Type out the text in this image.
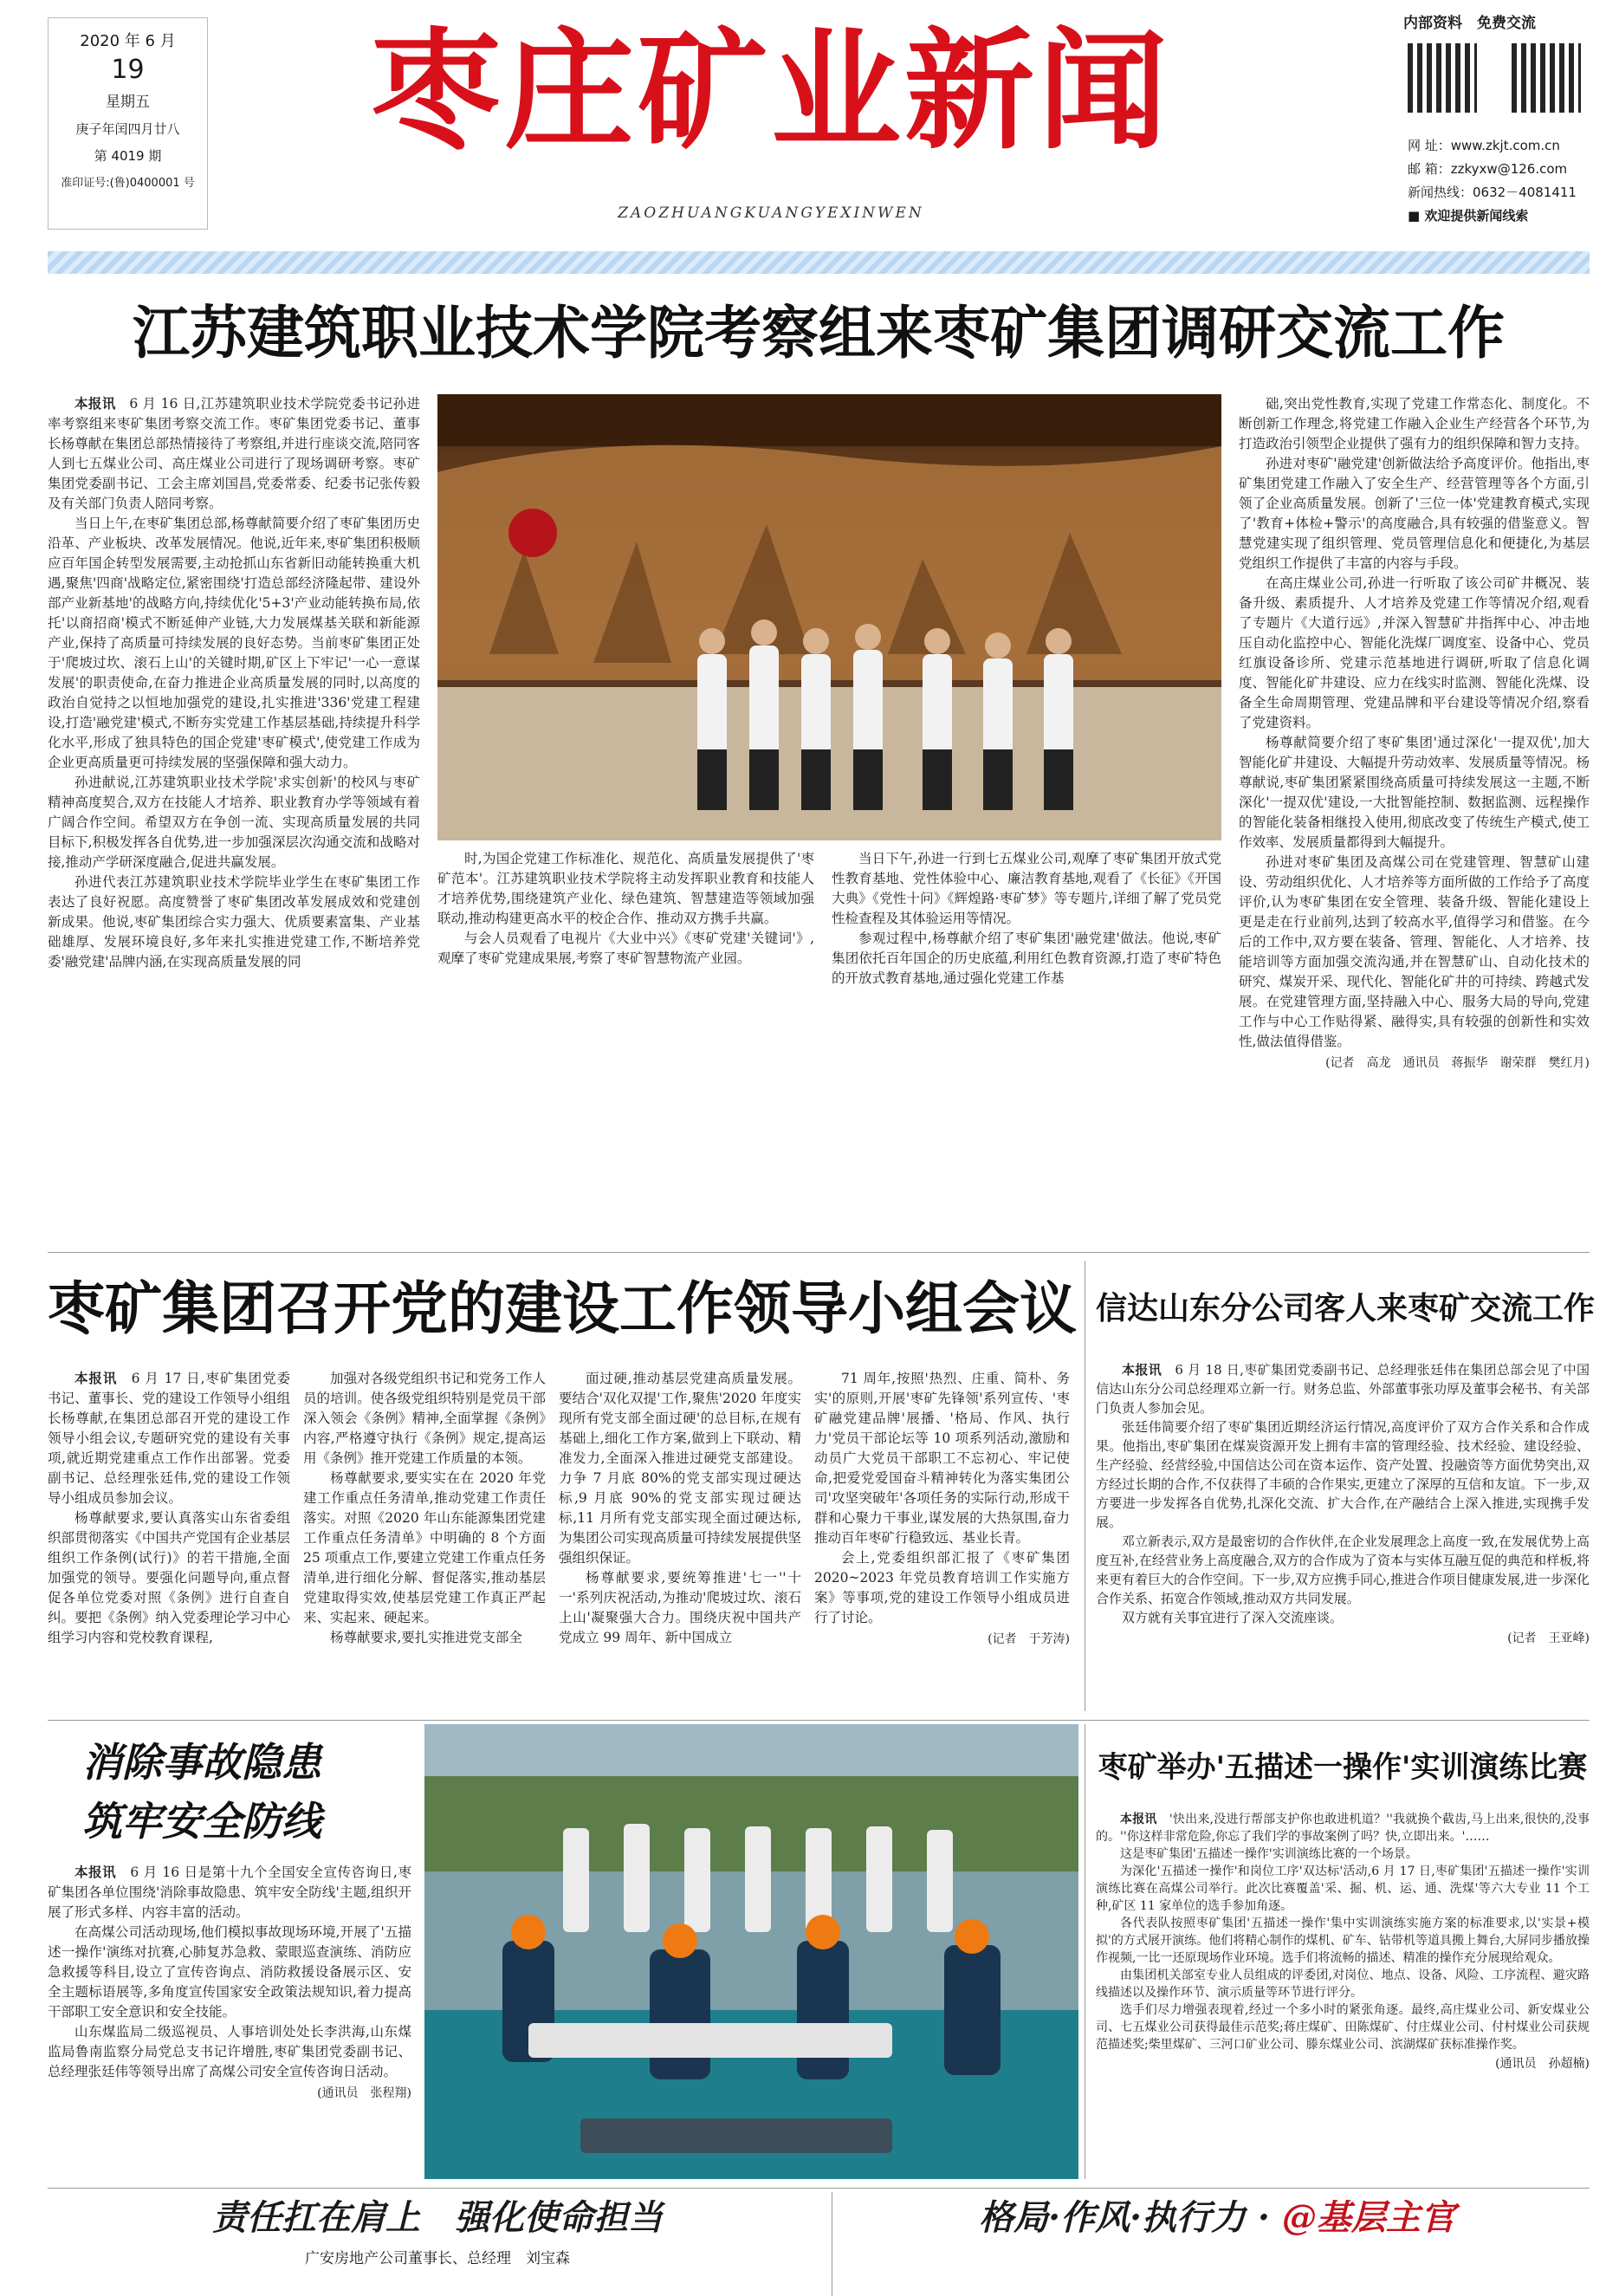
2020 年 6 月
19
星期五
庚子年闰四月廿八
第 4019 期
准印证号:(鲁)0400001 号
枣庄矿业新闻
ZAOZHUANGKUANGYEXINWEN
内部资料　免费交流
网 址：www.zkjt.com.cn
邮 箱：zzkyxw@126.com
新闻热线：0632－4081411
■ 欢迎提供新闻线索
江苏建筑职业技术学院考察组来枣矿集团调研交流工作

本报讯　6 月 16 日,江苏建筑职业技术学院党委书记孙进率考察组来枣矿集团考察交流工作。枣矿集团党委书记、董事长杨尊献在集团总部热情接待了考察组,并进行座谈交流,陪同客人到七五煤业公司、高庄煤业公司进行了现场调研考察。枣矿集团党委副书记、工会主席刘国昌,党委常委、纪委书记张传毅及有关部门负责人陪同考察。

当日上午,在枣矿集团总部,杨尊献简要介绍了枣矿集团历史沿革、产业板块、改革发展情况。他说,近年来,枣矿集团积极顺应百年国企转型发展需要,主动抢抓山东省新旧动能转换重大机遇,聚焦'四商'战略定位,紧密围绕'打造总部经济隆起带、建设外部产业新基地'的战略方向,持续优化'5+3'产业动能转换布局,依托'以商招商'模式不断延伸产业链,大力发展煤基关联和新能源产业,保持了高质量可持续发展的良好态势。当前枣矿集团正处于'爬坡过坎、滚石上山'的关键时期,矿区上下牢记'一心一意谋发展'的职责使命,在奋力推进企业高质量发展的同时,以高度的政治自觉持之以恒地加强党的建设,扎实推进'336'党建工程建设,打造'融党建'模式,不断夯实党建工作基层基础,持续提升科学化水平,形成了独具特色的国企党建'枣矿模式',使党建工作成为企业更高质量更可持续发展的坚强保障和强大动力。

孙进献说,江苏建筑职业技术学院'求实创新'的校风与枣矿精神高度契合,双方在技能人才培养、职业教育办学等领域有着广阔合作空间。希望双方在争创一流、实现高质量发展的共同目标下,积极发挥各自优势,进一步加强深层次沟通交流和战略对接,推动产学研深度融合,促进共赢发展。

孙进代表江苏建筑职业技术学院毕业学生在枣矿集团工作表达了良好祝愿。高度赞誉了枣矿集团改革发展成效和党建创新成果。他说,枣矿集团综合实力强大、优质要素富集、产业基础雄厚、发展环境良好,多年来扎实推进党建工作,不断培养党委'融党建'品牌内涵,在实现高质量发展的同

时,为国企党建工作标准化、规范化、高质量发展提供了'枣矿范本'。江苏建筑职业技术学院将主动发挥职业教育和技能人才培养优势,围绕建筑产业化、绿色建筑、智慧建造等领域加强联动,推动构建更高水平的校企合作、推动双方携手共赢。

与会人员观看了电视片《大业中兴》《枣矿党建'关键词'》,观摩了枣矿党建成果展,考察了枣矿智慧物流产业园。

当日下午,孙进一行到七五煤业公司,观摩了枣矿集团开放式党性教育基地、党性体验中心、廉洁教育基地,观看了《长征》《开国大典》《党性十问》《辉煌路·枣矿梦》等专题片,详细了解了党员党性检查程及其体验运用等情况。

参观过程中,杨尊献介绍了枣矿集团'融党建'做法。他说,枣矿集团依托百年国企的历史底蕴,利用红色教育资源,打造了枣矿特色的开放式教育基地,通过强化党建工作基

础,突出党性教育,实现了党建工作常态化、制度化。不断创新工作理念,将党建工作融入企业生产经营各个环节,为打造政治引领型企业提供了强有力的组织保障和智力支持。

孙进对枣矿'融党建'创新做法给予高度评价。他指出,枣矿集团党建工作融入了安全生产、经营管理等各个方面,引领了企业高质量发展。创新了'三位一体'党建教育模式,实现了'教育+体检+警示'的高度融合,具有较强的借鉴意义。智慧党建实现了组织管理、党员管理信息化和便捷化,为基层党组织工作提供了丰富的内容与手段。

在高庄煤业公司,孙进一行听取了该公司矿井概况、装备升级、素质提升、人才培养及党建工作等情况介绍,观看了专题片《大道行远》,并深入智慧矿井指挥中心、冲击地压自动化监控中心、智能化洗煤厂调度室、设备中心、党员红旗设备诊所、党建示范基地进行调研,听取了信息化调度、智能化矿井建设、应力在线实时监测、智能化洗煤、设备全生命周期管理、党建品牌和平台建设等情况介绍,察看了党建资料。

杨尊献简要介绍了枣矿集团'通过深化'一提双优',加大智能化矿井建设、大幅提升劳动效率、发展质量等情况。杨尊献说,枣矿集团紧紧围绕高质量可持续发展这一主题,不断深化'一提双优'建设,一大批智能控制、数据监测、远程操作的智能化装备相继投入使用,彻底改变了传统生产模式,使工作效率、发展质量都得到大幅提升。

孙进对枣矿集团及高煤公司在党建管理、智慧矿山建设、劳动组织优化、人才培养等方面所做的工作给予了高度评价,认为枣矿集团在安全管理、装备升级、智能化建设上更是走在行业前列,达到了较高水平,值得学习和借鉴。在今后的工作中,双方要在装备、管理、智能化、人才培养、技能培训等方面加强交流沟通,并在智慧矿山、自动化技术的研究、煤炭开采、现代化、智能化矿井的可持续、跨越式发展。在党建管理方面,坚持融入中心、服务大局的导向,党建工作与中心工作贴得紧、融得实,具有较强的创新性和实效性,做法值得借鉴。

(记者　高龙　通讯员　蒋振华　谢荣群　樊红月)
枣矿集团召开党的建设工作领导小组会议

本报讯　6 月 17 日,枣矿集团党委书记、董事长、党的建设工作领导小组组长杨尊献,在集团总部召开党的建设工作领导小组会议,专题研究党的建设有关事项,就近期党建重点工作作出部署。党委副书记、总经理张廷伟,党的建设工作领导小组成员参加会议。

杨尊献要求,要认真落实山东省委组织部贯彻落实《中国共产党国有企业基层组织工作条例(试行)》的若干措施,全面加强党的领导。要强化问题导向,重点督促各单位党委对照《条例》进行自查自纠。要把《条例》纳入党委理论学习中心组学习内容和党校教育课程,

加强对各级党组织书记和党务工作人员的培训。使各级党组织特别是党员干部深入领会《条例》精神,全面掌握《条例》内容,严格遵守执行《条例》规定,提高运用《条例》推开党建工作质量的本领。

杨尊献要求,要实实在在 2020 年党建工作重点任务清单,推动党建工作责任落实。对照《2020 年山东能源集团党建工作重点任务清单》中明确的 8 个方面 25 项重点工作,要建立党建工作重点任务清单,进行细化分解、督促落实,推动基层党建取得实效,使基层党建工作真正严起来、实起来、硬起来。

杨尊献要求,要扎实推进党支部全

面过硬,推动基层党建高质量发展。要结合'双化双提'工作,聚焦'2020 年度实现所有党支部全面过硬'的总目标,在规有基础上,细化工作方案,做到上下联动、精准发力,全面深入推进过硬党支部建设。力争 7 月底 80%的党支部实现过硬达标,9 月底 90%的党支部实现过硬达标,11 月所有党支部实现全面过硬达标,为集团公司实现高质量可持续发展提供坚强组织保证。

杨尊献要求,要统筹推进'七一''十一'系列庆祝活动,为推动'爬坡过坎、滚石上山'凝聚强大合力。围绕庆祝中国共产党成立 99 周年、新中国成立

71 周年,按照'热烈、庄重、简朴、务实'的原则,开展'枣矿先锋领'系列宣传、'枣矿融党建品牌'展播、'格局、作风、执行力'党员干部论坛等 10 项系列活动,激励和动员广大党员干部职工不忘初心、牢记使命,把爱党爱国奋斗精神转化为落实集团公司'攻坚突破年'各项任务的实际行动,形成干群和心聚力干事业,谋发展的大热氛围,奋力推动百年枣矿行稳致远、基业长青。

会上,党委组织部汇报了《枣矿集团 2020~2023 年党员教育培训工作实施方案》等事项,党的建设工作领导小组成员进行了讨论。

(记者　于芳涛)
信达山东分公司客人来枣矿交流工作

本报讯　6 月 18 日,枣矿集团党委副书记、总经理张廷伟在集团总部会见了中国信达山东分公司总经理邓立新一行。财务总监、外部董事张功厚及董事会秘书、有关部门负责人参加会见。

张廷伟简要介绍了枣矿集团近期经济运行情况,高度评价了双方合作关系和合作成果。他指出,枣矿集团在煤炭资源开发上拥有丰富的管理经验、技术经验、建设经验、生产经验、经营经验,中国信达公司在资本运作、资产处置、投融资等方面优势突出,双方经过长期的合作,不仅获得了丰硕的合作果实,更建立了深厚的互信和友谊。下一步,双方要进一步发挥各自优势,扎深化交流、扩大合作,在产融结合上深入推进,实现携手发展。

邓立新表示,双方是最密切的合作伙伴,在企业发展理念上高度一致,在发展优势上高度互补,在经营业务上高度融合,双方的合作成为了资本与实体互融互促的典范和样板,将来更有着巨大的合作空间。下一步,双方应携手同心,推进合作项目健康发展,进一步深化合作关系、拓宽合作领域,推动双方共同发展。

双方就有关事宜进行了深入交流座谈。

(记者　王亚峰)
消除事故隐患
筑牢安全防线

本报讯　6 月 16 日是第十九个全国安全宣传咨询日,枣矿集团各单位围绕'消除事故隐患、筑牢安全防线'主题,组织开展了形式多样、内容丰富的活动。

在高煤公司活动现场,他们模拟事故现场环境,开展了'五描述一操作'演练对抗赛,心肺复苏急救、蒙眼巡查演练、消防应急救援等科目,设立了宣传咨询点、消防救援设备展示区、安全主题标语展等,多角度宣传国家安全政策法规知识,着力提高干部职工安全意识和安全技能。

山东煤监局二级巡视员、人事培训处处长李洪海,山东煤监局鲁南监察分局党总支书记许增胜,枣矿集团党委副书记、总经理张廷伟等领导出席了高煤公司安全宣传咨询日活动。

(通讯员　张程翔)
枣矿举办'五描述一操作'实训演练比赛

本报讯　'快出来,没进行帮部支护你也敢进机道？''我就换个截齿,马上出来,很快的,没事的。''你这样非常危险,你忘了我们学的事故案例了吗？快,立即出来。'……

这是枣矿集团'五描述一操作'实训演练比赛的一个场景。

为深化'五描述一操作'和岗位工序'双达标'活动,6 月 17 日,枣矿集团'五描述一操作'实训演练比赛在高煤公司举行。此次比赛覆盖'采、掘、机、运、通、洗煤'等六大专业 11 个工种,矿区 11 家单位的选手参加角逐。

各代表队按照枣矿集团'五描述一操作'集中实训演练实施方案的标准要求,以'实景+模拟'的方式展开演练。他们将精心制作的煤机、矿车、钻带机等道具搬上舞台,大屏同步播放操作视频,一比一还原现场作业环境。选手们将流畅的描述、精准的操作充分展现给观众。

由集团机关部室专业人员组成的评委团,对岗位、地点、设备、风险、工序流程、避灾路线描述以及操作环节、演示质量等环节进行评分。

选手们尽力增强表现着,经过一个多小时的紧张角逐。最终,高庄煤业公司、新安煤业公司、七五煤业公司获得最佳示范奖;蒋庄煤矿、田陈煤矿、付庄煤业公司、付村煤业公司获规范描述奖;柴里煤矿、三河口矿业公司、滕东煤业公司、滨湖煤矿获标准操作奖。

(通讯员　孙超楠)
责任扛在肩上　强化使命担当
广安房地产公司董事长、总经理　刘宝森
格局·作风·执行力 · @基层主官
